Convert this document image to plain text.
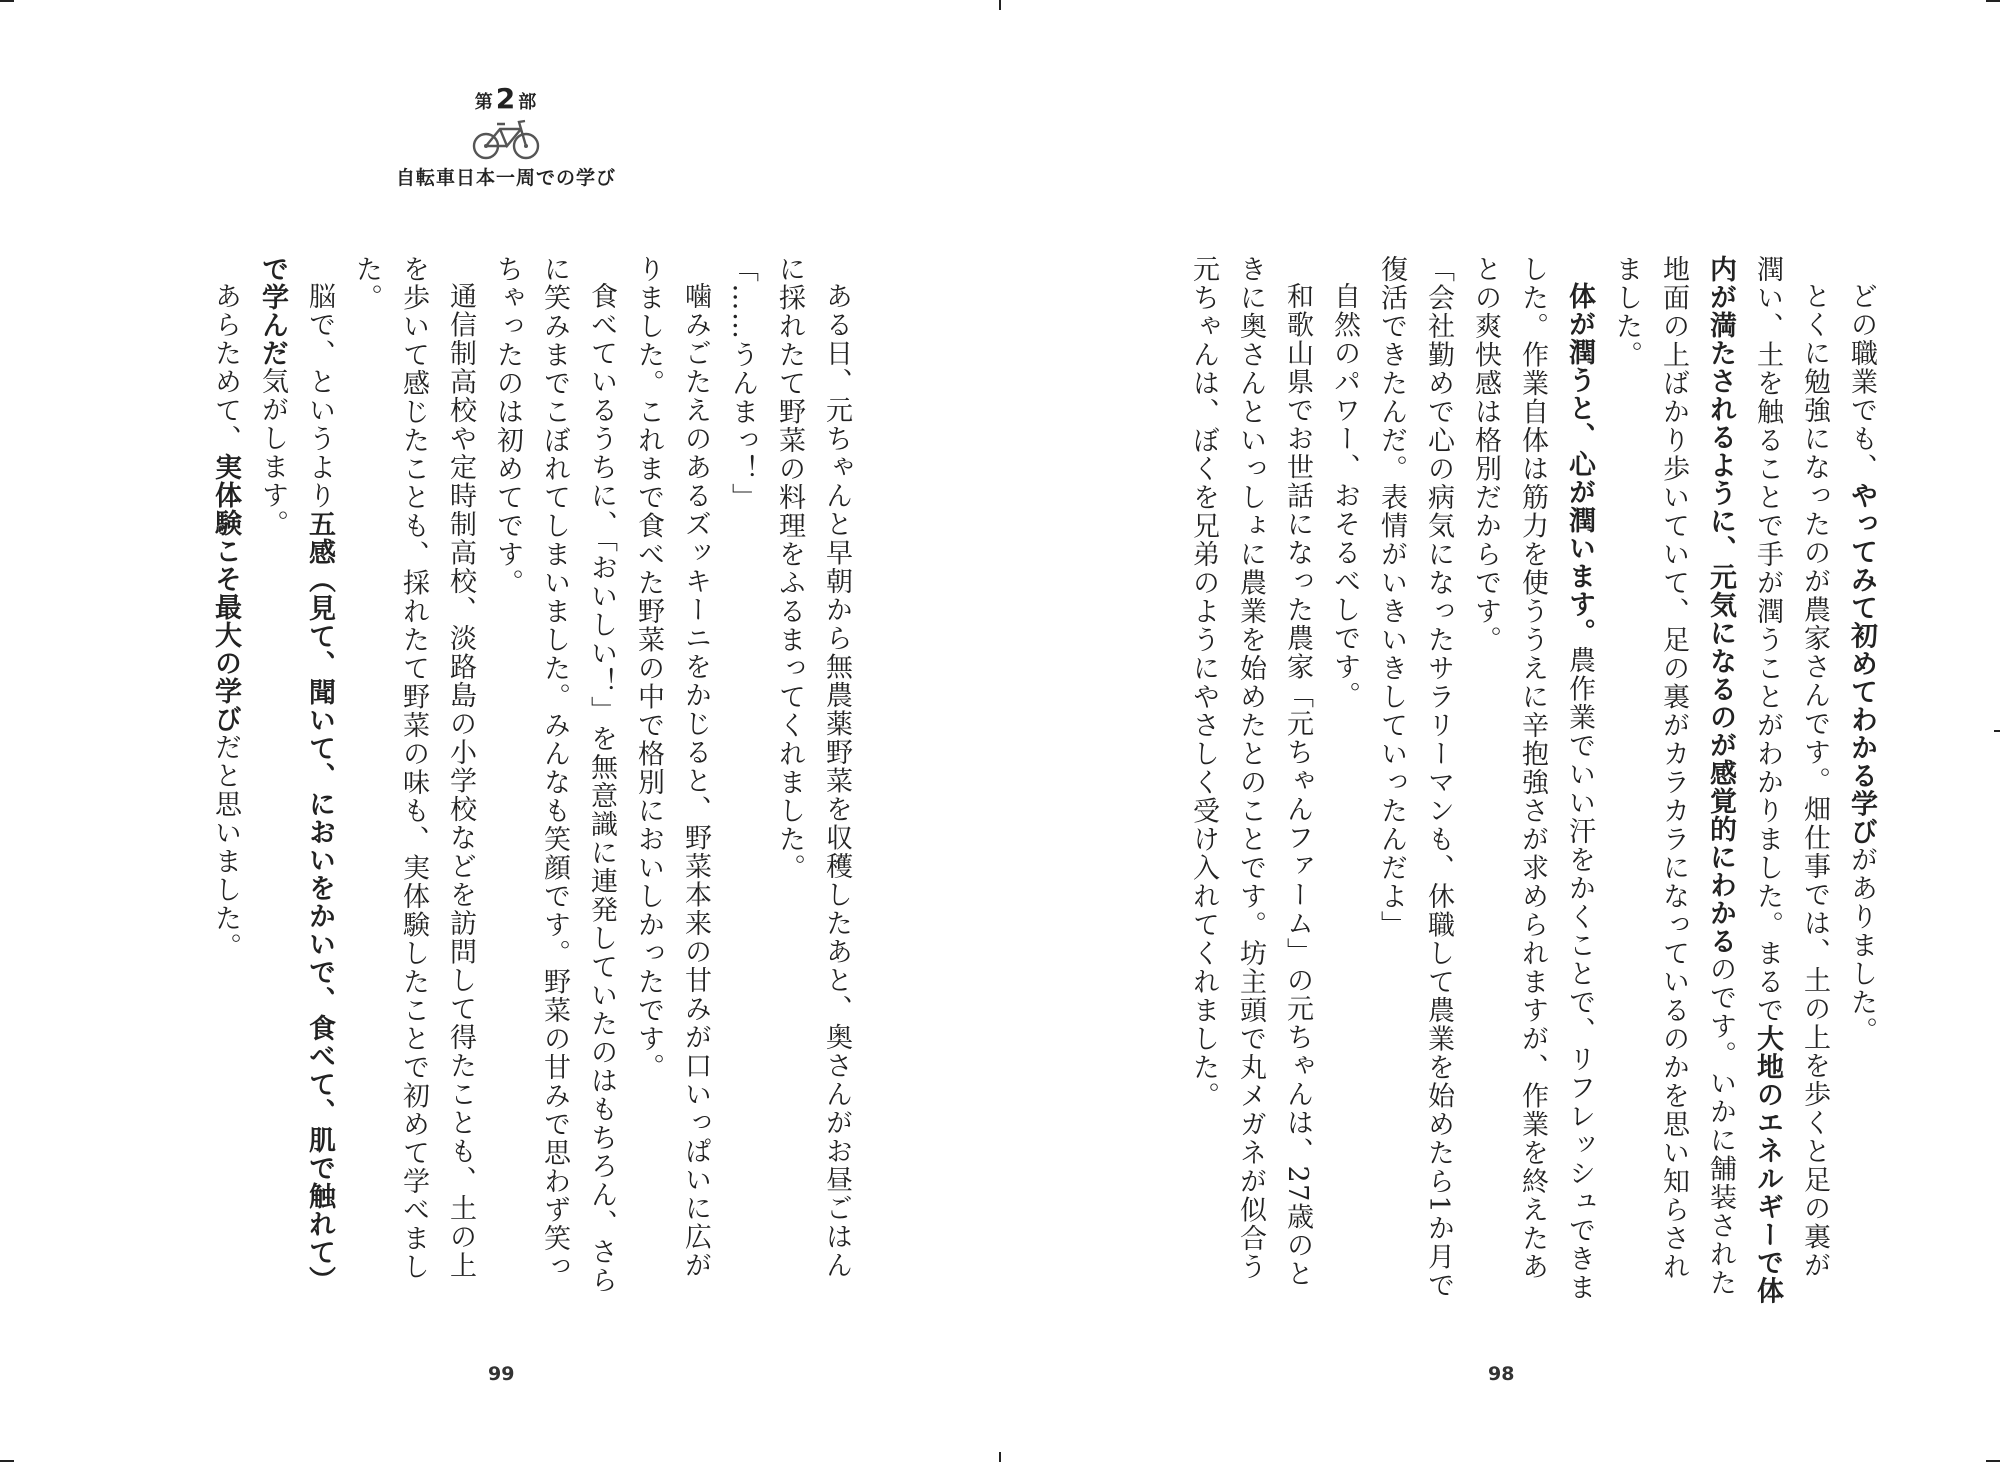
第2 部
自転車日本一周での学び
ある日、元ちゃんと早朝から無農薬野菜を収穫したあと、奥さんがお昼ごはんに採れたて野菜の料理をふるまってくれました。
「……うんまっ！」
噛みごたえのあるズッキーニをかじると、野菜本来の甘みが口いっぱいに広がりました。これまで食べた野菜の中で格別においしかったです。
食べているうちに、「おいしい！」を無意識に連発していたのはもちろん、さらに笑みまでこぼれてしまいました。みんなも笑顔です。野菜の甘みで思わず笑っちゃったのは初めてです。
通信制高校や定時制高校、淡路島の小学校などを訪問して得たことも、土の上を歩いて感じたことも、採れたて野菜の味も、実体験したことで初めて学べました。
脳で、というより五感（見て、聞いて、においをかいで、食べて、肌で触れて）で学んだ気がします。
あらためて、実体験こそ最大の学びだと思いました。
99
どの職業でも、やってみて初めてわかる学びがありました。
とくに勉強になったのが農家さんです。畑仕事では、土の上を歩くと足の裏が潤い、土を触ることで手が潤うことがわかりました。まるで大地のエネルギーで体内が満たされるように、元気になるのが感覚的にわかるのです。いかに舗装された地面の上ばかり歩いていて、足の裏がカラカラになっているのかを思い知らされました。
体が潤うと、心が潤います。農作業でいい汗をかくことで、リフレッシュできました。作業自体は筋力を使ううえに辛抱強さが求められますが、作業を終えたあとの爽快感は格別だからです。
「会社勤めで心の病気になったサラリーマンも、休職して農業を始めたら1か月で復活できたんだ。表情がいきいきしていったんだよ」
自然のパワー、おそるべしです。
和歌山県でお世話になった農家「元ちゃんファーム」の元ちゃんは、27歳のときに奥さんといっしょに農業を始めたとのことです。坊主頭で丸メガネが似合う元ちゃんは、ぼくを兄弟のようにやさしく受け入れてくれました。
98
